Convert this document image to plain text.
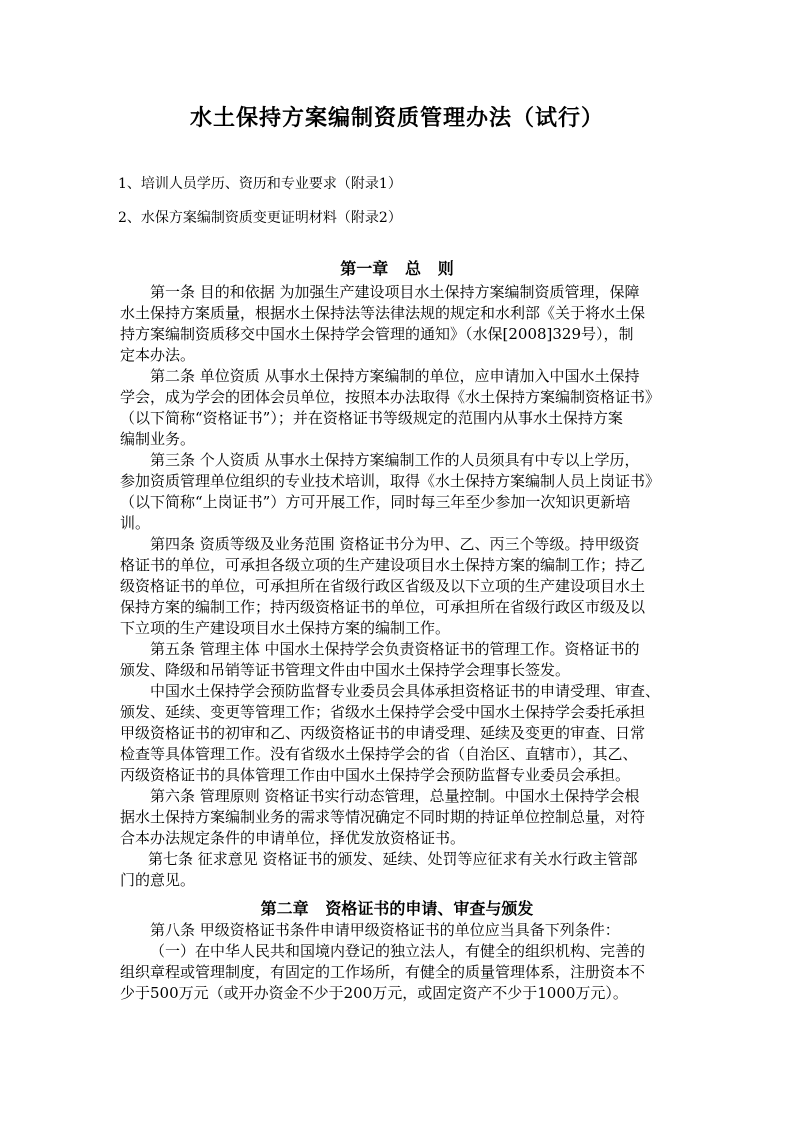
水土保持方案编制资质管理办法（试行）

1、培训人员学历、资历和专业要求（附录1）

2、水保方案编制资质变更证明材料（附录2）

第一章   总   则

第一条 目的和依据 为加强生产建设项目水土保持方案编制资质管理，保障

水土保持方案质量，根据水土保持法等法律法规的规定和水利部《关于将水土保

持方案编制资质移交中国水土保持学会管理的通知》（水保[2008]329号），制

定本办法。

第二条 单位资质 从事水土保持方案编制的单位，应申请加入中国水土保持

学会，成为学会的团体会员单位，按照本办法取得《水土保持方案编制资格证书》

（以下简称“资格证书”）；并在资格证书等级规定的范围内从事水土保持方案

编制业务。

第三条 个人资质 从事水土保持方案编制工作的人员须具有中专以上学历，

参加资质管理单位组织的专业技术培训，取得《水土保持方案编制人员上岗证书》

（以下简称“上岗证书”）方可开展工作，同时每三年至少参加一次知识更新培

训。

第四条 资质等级及业务范围 资格证书分为甲、乙、丙三个等级。持甲级资

格证书的单位，可承担各级立项的生产建设项目水土保持方案的编制工作；持乙

级资格证书的单位，可承担所在省级行政区省级及以下立项的生产建设项目水土

保持方案的编制工作；持丙级资格证书的单位，可承担所在省级行政区市级及以

下立项的生产建设项目水土保持方案的编制工作。

第五条 管理主体 中国水土保持学会负责资格证书的管理工作。资格证书的

颁发、降级和吊销等证书管理文件由中国水土保持学会理事长签发。

中国水土保持学会预防监督专业委员会具体承担资格证书的申请受理、审查、

颁发、延续、变更等管理工作；省级水土保持学会受中国水土保持学会委托承担

甲级资格证书的初审和乙、丙级资格证书的申请受理、延续及变更的审查、日常

检查等具体管理工作。没有省级水土保持学会的省（自治区、直辖市），其乙、

丙级资格证书的具体管理工作由中国水土保持学会预防监督专业委员会承担。

第六条 管理原则 资格证书实行动态管理，总量控制。中国水土保持学会根

据水土保持方案编制业务的需求等情况确定不同时期的持证单位控制总量，对符

合本办法规定条件的申请单位，择优发放资格证书。

第七条 征求意见 资格证书的颁发、延续、处罚等应征求有关水行政主管部

门的意见。

第二章   资格证书的申请、审查与颁发

第八条 甲级资格证书条件申请甲级资格证书的单位应当具备下列条件：

（一）在中华人民共和国境内登记的独立法人，有健全的组织机构、完善的

组织章程或管理制度，有固定的工作场所，有健全的质量管理体系，注册资本不

少于500万元（或开办资金不少于200万元，或固定资产不少于1000万元）。
